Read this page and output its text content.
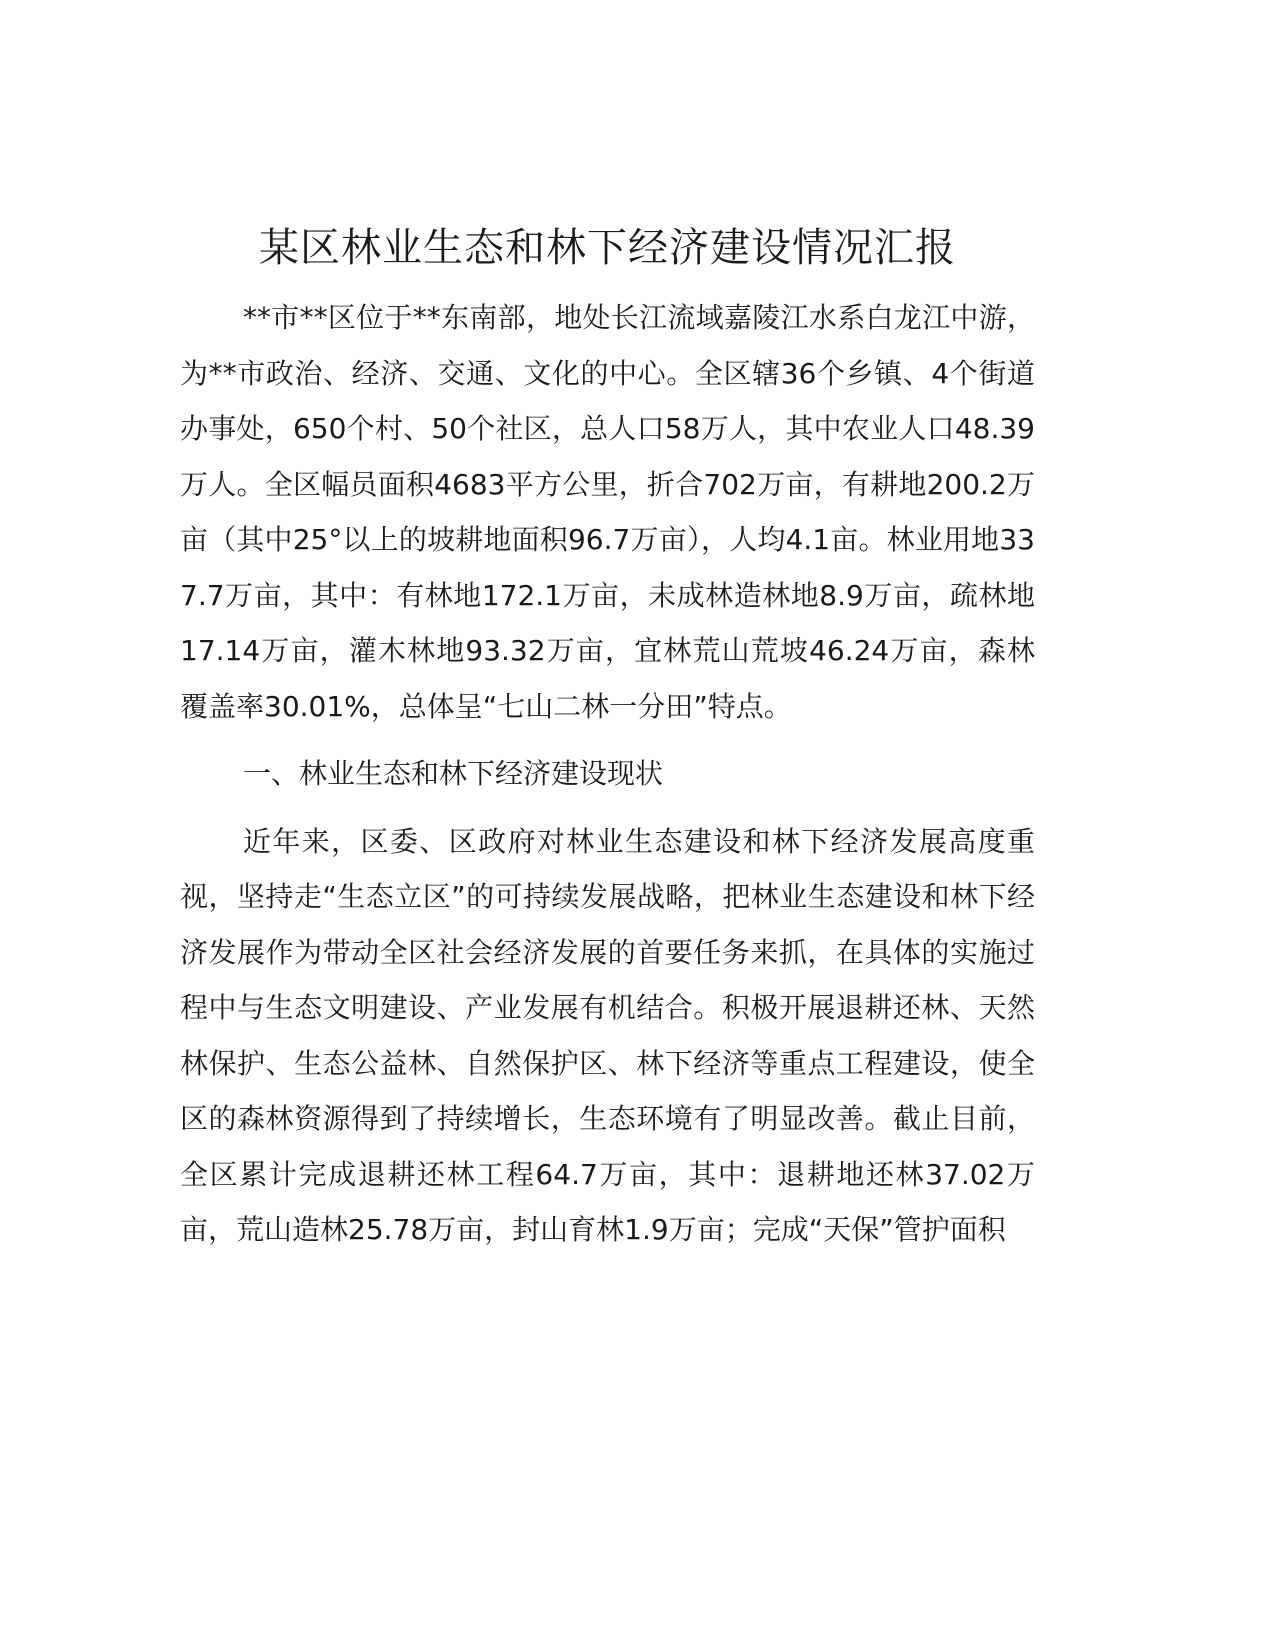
某区林业生态和林下经济建设情况汇报

**市**区位于**东南部，地处长江流域嘉陵江水系白龙江中游，为**市政治、经济、交通、文化的中心。全区辖36个乡镇、4个街道办事处，650个村、50个社区，总人口58万人，其中农业人口48.39万人。全区幅员面积4683平方公里，折合702万亩，有耕地200.2万亩（其中25°以上的坡耕地面积96.7万亩），人均4.1亩。林业用地337.7万亩，其中：有林地172.1万亩，未成林造林地8.9万亩，疏林地17.14万亩，灌木林地93.32万亩，宜林荒山荒坡46.24万亩，森林覆盖率30.01%，总体呈“七山二林一分田”特点。

一、林业生态和林下经济建设现状

近年来，区委、区政府对林业生态建设和林下经济发展高度重视，坚持走“生态立区”的可持续发展战略，把林业生态建设和林下经济发展作为带动全区社会经济发展的首要任务来抓，在具体的实施过程中与生态文明建设、产业发展有机结合。积极开展退耕还林、天然林保护、生态公益林、自然保护区、林下经济等重点工程建设，使全区的森林资源得到了持续增长，生态环境有了明显改善。截止目前，全区累计完成退耕还林工程64.7万亩，其中：退耕地还林37.02万亩，荒山造林25.78万亩，封山育林1.9万亩；完成“天保”管护面积
